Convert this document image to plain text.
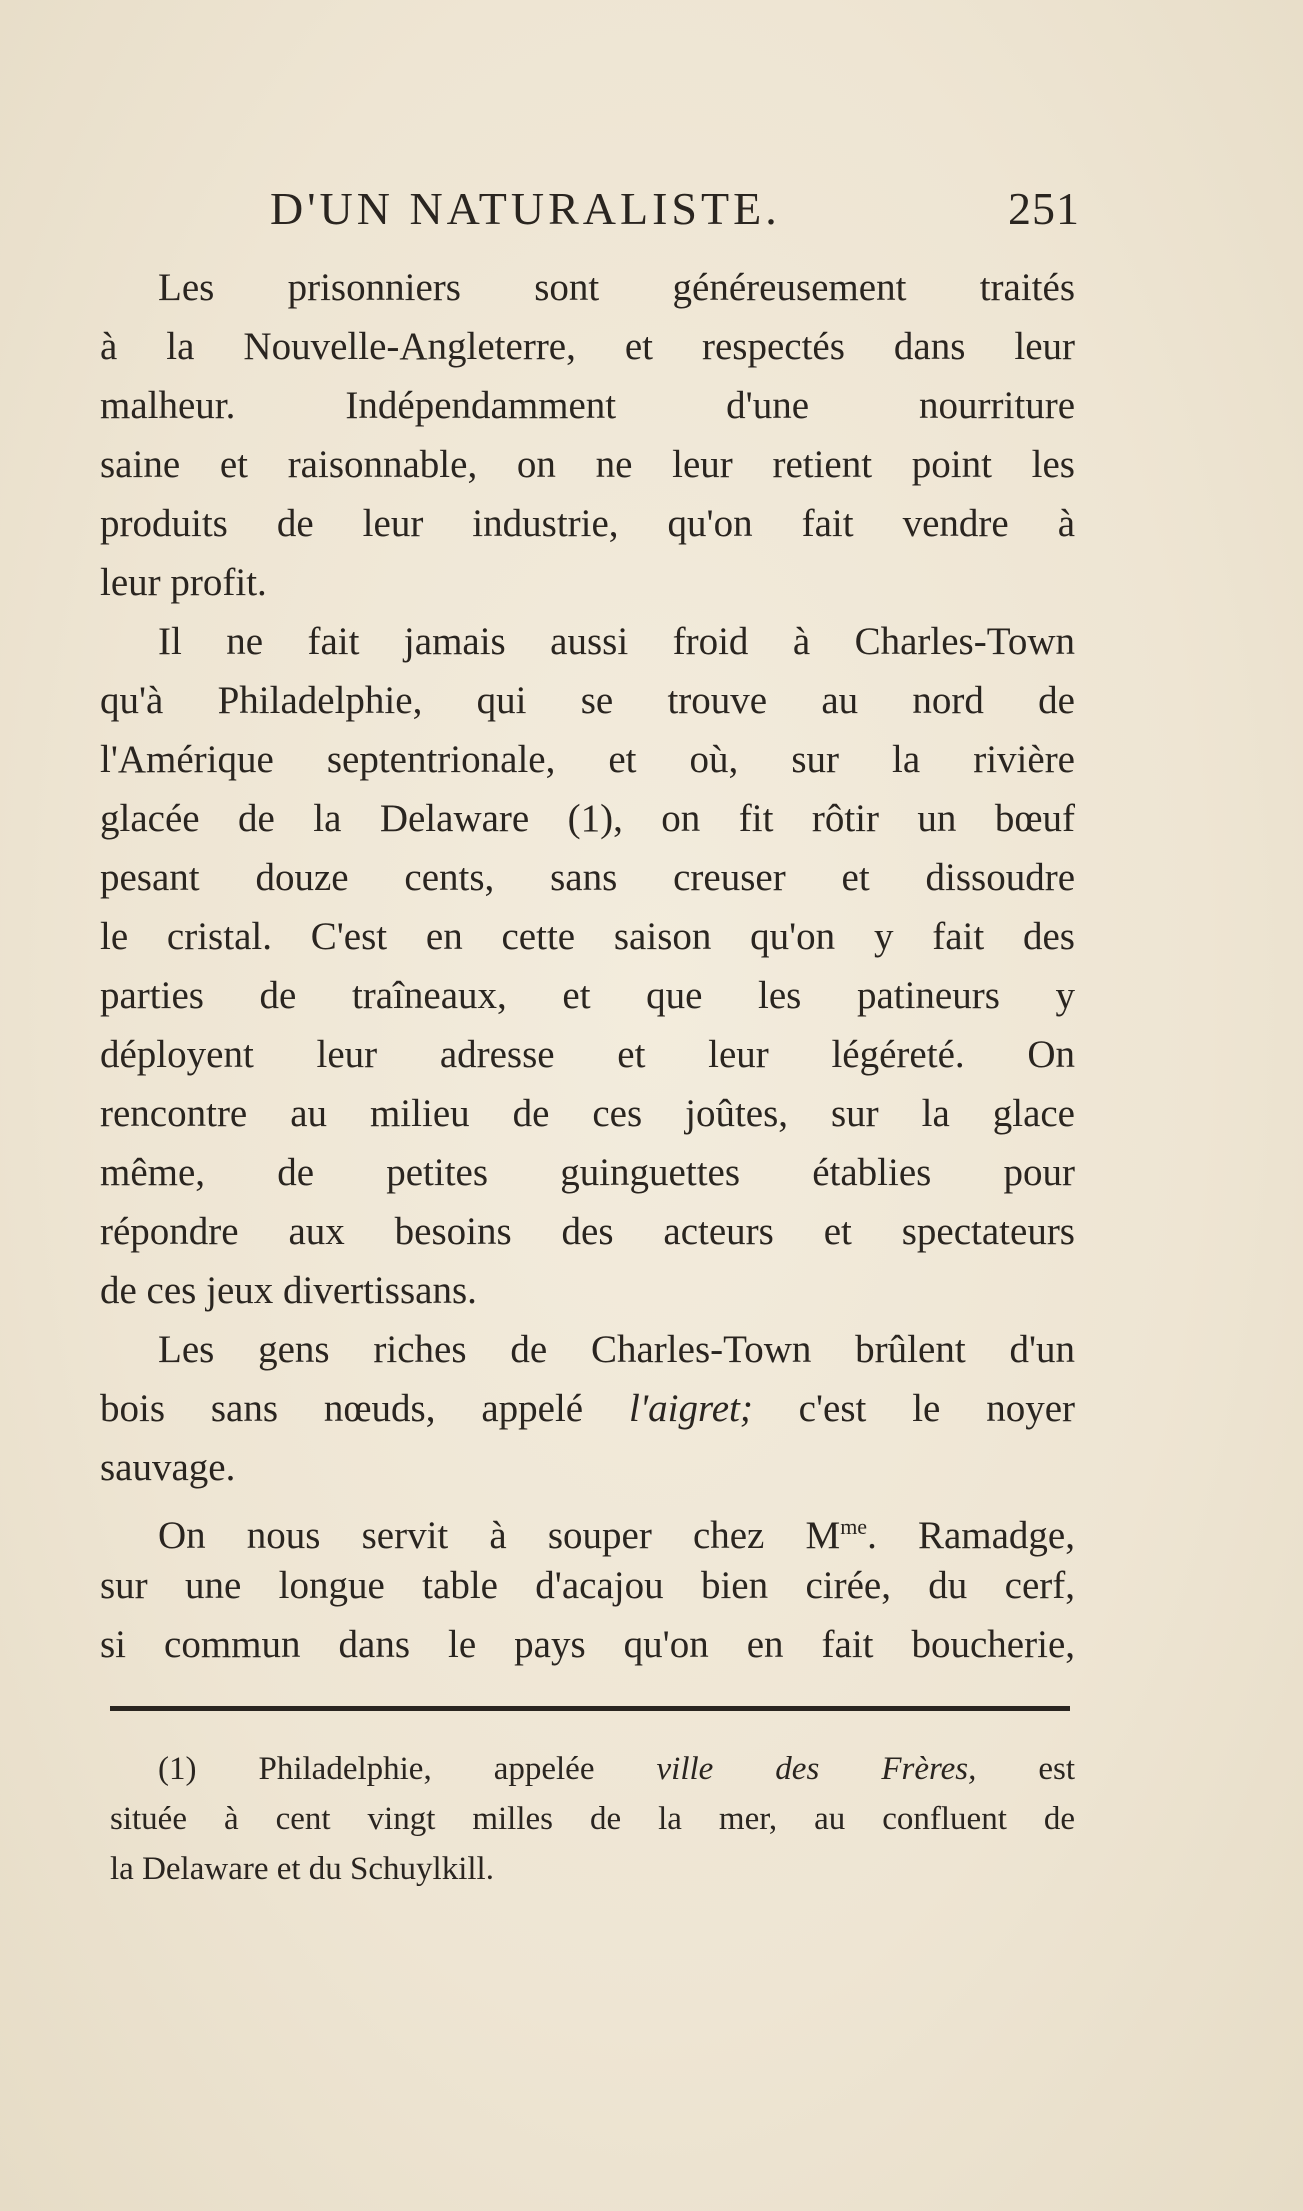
D'UN NATURALISTE.	251
Les prisonniers sont généreusement traités
à la Nouvelle-Angleterre, et respectés dans leur
malheur. Indépendamment d'une nourriture
saine et raisonnable, on ne leur retient point les
produits de leur industrie, qu'on fait vendre à
leur profit.
Il ne fait jamais aussi froid à Charles-Town
qu'à Philadelphie, qui se trouve au nord de
l'Amérique septentrionale, et où, sur la rivière
glacée de la Delaware (1), on fit rôtir un bœuf
pesant douze cents, sans creuser et dissoudre
le cristal. C'est en cette saison qu'on y fait des
parties de traîneaux, et que les patineurs y
déployent leur adresse et leur légéreté. On
rencontre au milieu de ces joûtes, sur la glace
même, de petites guinguettes établies pour
répondre aux besoins des acteurs et spectateurs
de ces jeux divertissans.
Les gens riches de Charles-Town brûlent d'un
bois sans nœuds, appelé l'aigret; c'est le noyer
sauvage.
On nous servit à souper chez $M^{me}$. Ramadge,
sur une longue table d'acajou bien cirée, du cerf,
si commun dans le pays qu'on en fait boucherie,
(1) Philadelphie, appelée ville des Frères, est
située à cent vingt milles de la mer, au confluent de
la Delaware et du Schuylkill.
